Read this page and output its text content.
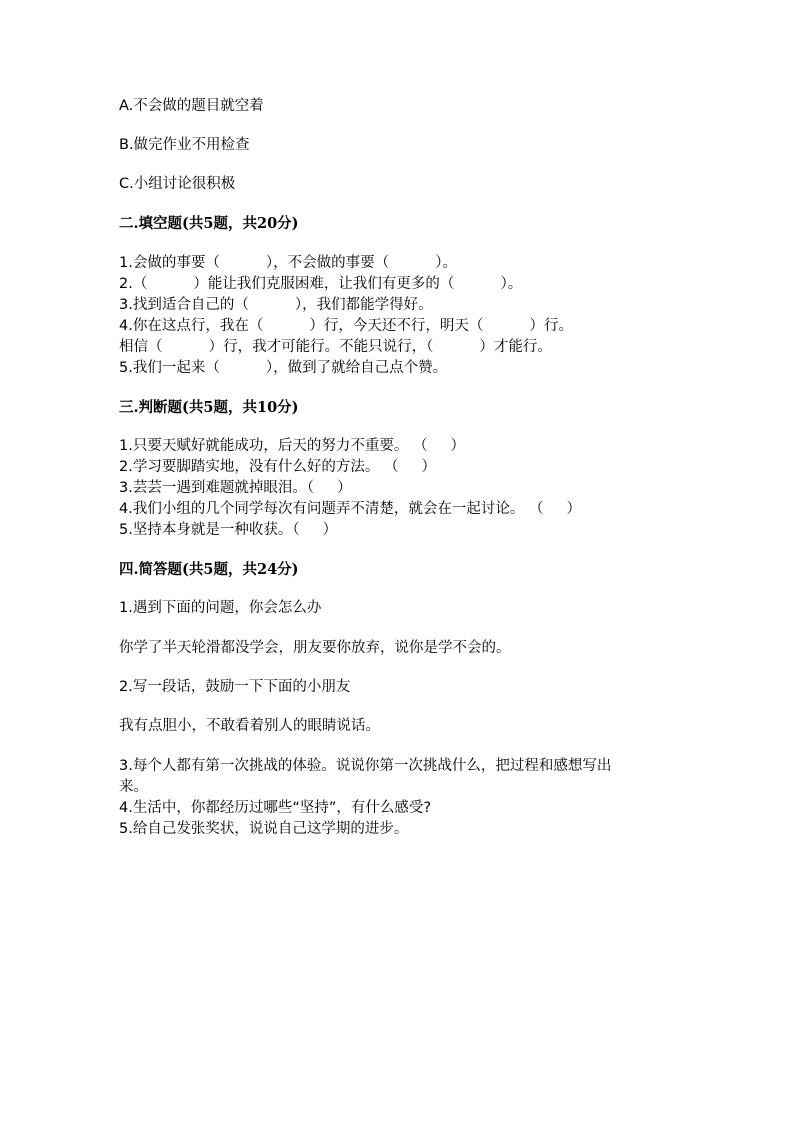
A.不会做的题目就空着

B.做完作业不用检查

C.小组讨论很积极

二.填空题(共5题，共20分)

1.会做的事要（          ），不会做的事要（          ）。

2.（          ）能让我们克服困难，让我们有更多的（          ）。

3.找到适合自己的（          ），我们都能学得好。

4.你在这点行，我在（          ）行，今天还不行，明天（          ）行。

相信（          ）行，我才可能行。不能只说行，（          ）才能行。

5.我们一起来（          ），做到了就给自己点个赞。

三.判断题(共5题，共10分)

1.只要天赋好就能成功，后天的努力不重要。 （     ）

2.学习要脚踏实地，没有什么好的方法。 （     ）

3.芸芸一遇到难题就掉眼泪。（     ）

4.我们小组的几个同学每次有问题弄不清楚，就会在一起讨论。 （     ）

5.坚持本身就是一种收获。（     ）

四.简答题(共5题，共24分)

1.遇到下面的问题，你会怎么办

你学了半天轮滑都没学会，朋友要你放弃，说你是学不会的。

2.写一段话，鼓励一下下面的小朋友

我有点胆小，不敢看着别人的眼睛说话。

3.每个人都有第一次挑战的体验。说说你第一次挑战什么，把过程和感想写出

来。

4.生活中，你都经历过哪些“坚持”，有什么感受?

5.给自己发张奖状，说说自己这学期的进步。
